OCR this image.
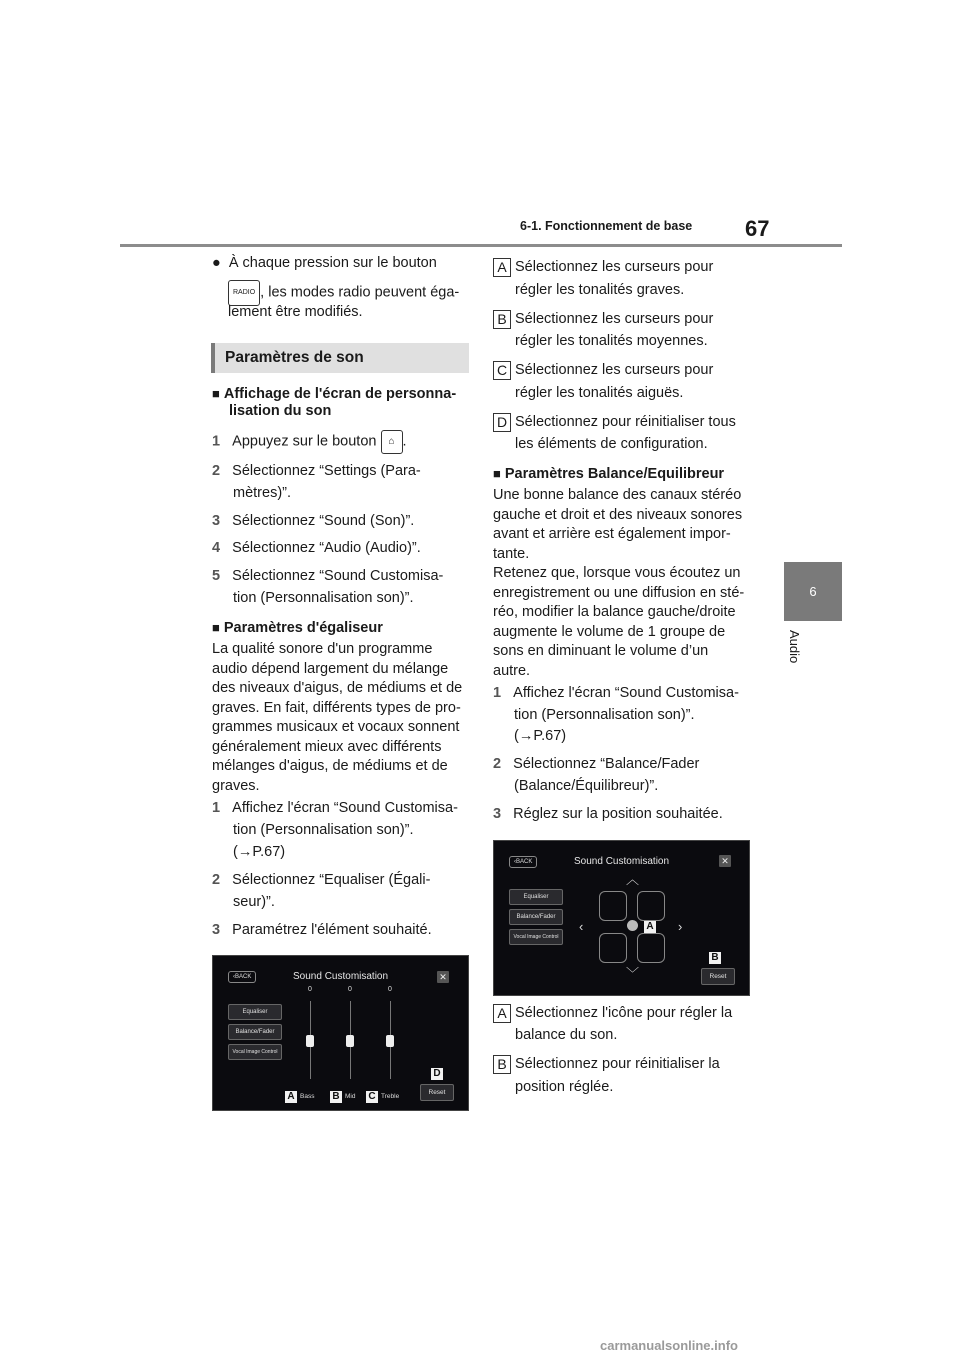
6-1. Fonctionnement de base 67
6
Audio
●  À chaque pression sur le bouton
RADIO , les modes radio peuvent éga-
lement être modifiés.
Paramètres de son
■ Affichage de l'écran de personna-
lisation du son
1 Appuyez sur le bouton ⌂ .
2 Sélectionnez “Settings (Para-
mètres)”.
3 Sélectionnez “Sound (Son)”.
4 Sélectionnez “Audio (Audio)”.
5 Sélectionnez “Sound Customisa-
tion (Personnalisation son)”.
■ Paramètres d'égaliseur
La qualité sonore d'un programme
audio dépend largement du mélange
des niveaux d'aigus, de médiums et de
graves. En fait, différents types de pro-
grammes musicaux et vocaux sonnent
généralement mieux avec différents
mélanges d'aigus, de médiums et de
graves.
1 Affichez l'écran “Sound Customisa-
tion (Personnalisation son)”.
(→P.67)
2 Sélectionnez “Equaliser (Égali-
seur)”.
3 Paramétrez l'élément souhaité.
‹BACK	Sound Customisation	✕
Equaliser
Balance/Fader
Vocal Image Control
0	0	0
A Bass B Mid C Treble
D
Reset
A Sélectionnez les curseurs pour
régler les tonalités graves.
B Sélectionnez les curseurs pour
régler les tonalités moyennes.
C Sélectionnez les curseurs pour
régler les tonalités aiguës.
D Sélectionnez pour réinitialiser tous
les éléments de configuration.
■ Paramètres Balance/Equilibreur
Une bonne balance des canaux stéréo
gauche et droit et des niveaux sonores
avant et arrière est également impor-
tante.
Retenez que, lorsque vous écoutez un
enregistrement ou une diffusion en sté-
réo, modifier la balance gauche/droite
augmente le volume de 1 groupe de
sons en diminuant le volume d’un
autre.
1 Affichez l'écran “Sound Customisa-
tion (Personnalisation son)”.
(→P.67)
2 Sélectionnez “Balance/Fader
(Balance/Équilibreur)”.
3 Réglez sur la position souhaitée.
‹BACK	Sound Customisation	✕
Equaliser
Balance/Fader
Vocal Image Control
︿
﹀
‹	›
A
B
Reset
A Sélectionnez l'icône pour régler la
balance du son.
B Sélectionnez pour réinitialiser la
position réglée.
carmanualsonline.info
